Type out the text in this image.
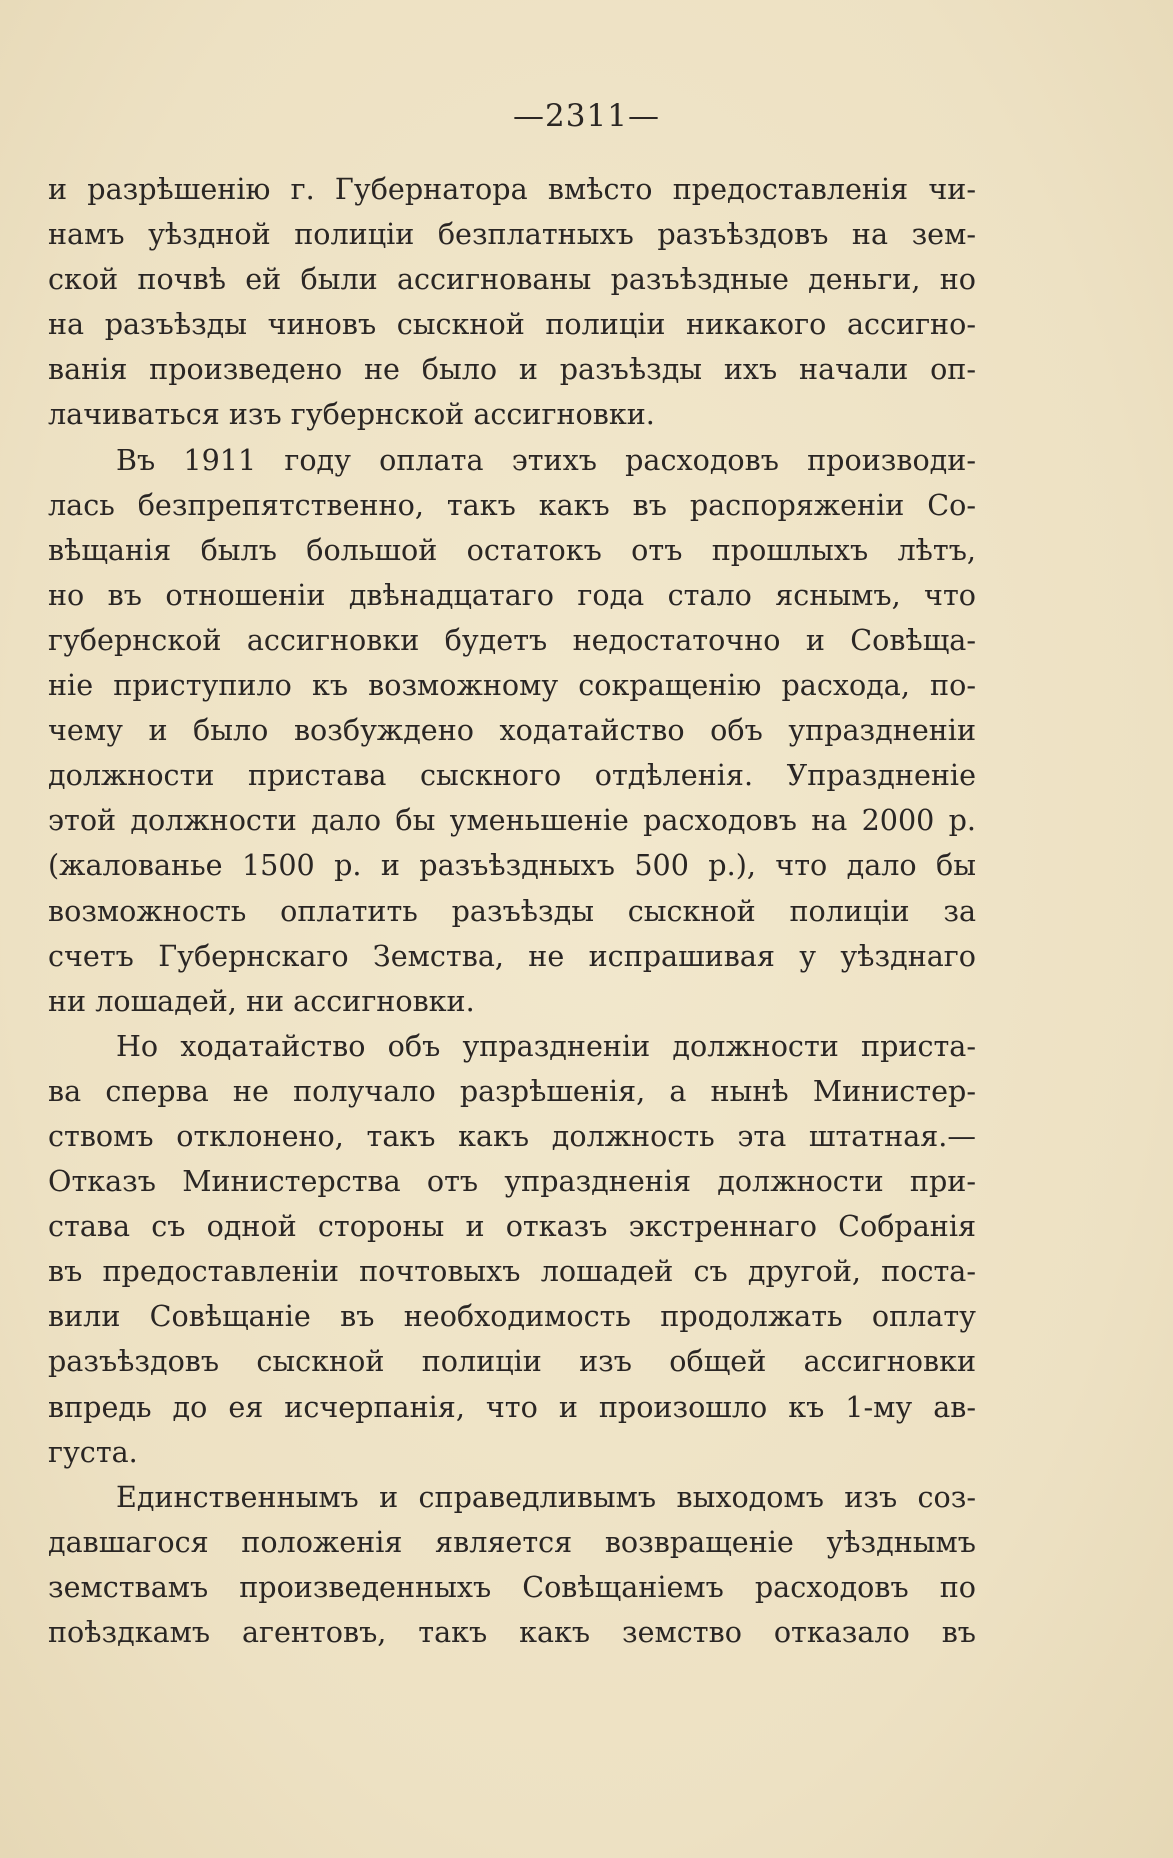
—2311—
и разрѣшенію г. Губернатора вмѣсто предоставленія чи-
намъ уѣздной полиціи безплатныхъ разъѣздовъ на зем-
ской почвѣ ей были ассигнованы разъѣздные деньги, но
на разъѣзды чиновъ сыскной полиціи никакого ассигно-
ванія произведено не было и разъѣзды ихъ начали оп-
лачиваться изъ губернской ассигновки.
Въ 1911 году оплата этихъ расходовъ производи-
лась безпрепятственно, такъ какъ въ распоряженіи Со-
вѣщанія былъ большой остатокъ отъ прошлыхъ лѣтъ,
но въ отношеніи двѣнадцатаго года стало яснымъ, что
губернской ассигновки будетъ недостаточно и Совѣща-
ніе приступило къ возможному сокращенію расхода, по-
чему и было возбуждено ходатайство объ упраздненіи
должности пристава сыскного отдѣленія. Упраздненіе
этой должности дало бы уменьшеніе расходовъ на 2000 р.
(жалованье 1500 р. и разъѣздныхъ 500 р.), что дало бы
возможность оплатить разъѣзды сыскной полиціи за
счетъ Губернскаго Земства, не испрашивая у уѣзднаго
ни лошадей, ни ассигновки.
Но ходатайство объ упраздненіи должности приста-
ва сперва не получало разрѣшенія, а нынѣ Министер-
ствомъ отклонено, такъ какъ должность эта штатная.—
Отказъ Министерства отъ упраздненія должности при-
става съ одной стороны и отказъ экстреннаго Собранія
въ предоставленіи почтовыхъ лошадей съ другой, поста-
вили Совѣщаніе въ необходимость продолжать оплату
разъѣздовъ сыскной полиціи изъ общей ассигновки
впредь до ея исчерпанія, что и произошло къ 1-му ав-
густа.
Единственнымъ и справедливымъ выходомъ изъ соз-
давшагося положенія является возвращеніе уѣзднымъ
земствамъ произведенныхъ Совѣщаніемъ расходовъ по
поѣздкамъ агентовъ, такъ какъ земство отказало въ
